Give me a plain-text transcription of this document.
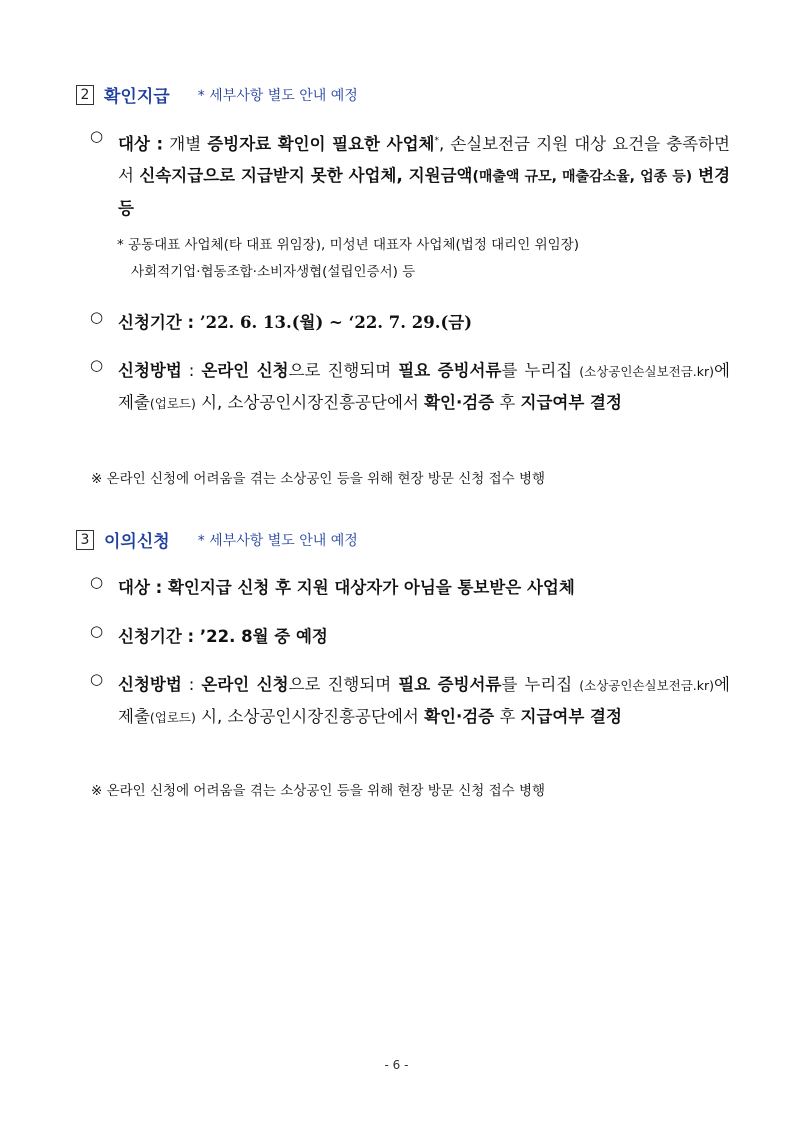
2 확인지급 * 세부사항 별도 안내 예정
○ 대상 : 개별 증빙자료 확인이 필요한 사업체*, 손실보전금 지원 대상 요건을 충족하면서 신속지급으로 지급받지 못한 사업체, 지원금액(매출액 규모, 매출감소율, 업종 등) 변경 등
* 공동대표 사업체(타 대표 위임장), 미성년 대표자 사업체(법정 대리인 위임장)
사회적기업·협동조합·소비자생협(설립인증서) 등
○ 신청기간 : ’22. 6. 13.(월) ~ ‘22. 7. 29.(금)
○ 신청방법 : 온라인 신청으로 진행되며 필요 증빙서류를 누리집 (소상공인손실보전금.kr)에 제출(업로드) 시, 소상공인시장진흥공단에서 확인·검증 후 지급여부 결정
※ 온라인 신청에 어려움을 겪는 소상공인 등을 위해 현장 방문 신청 접수 병행
3 이의신청 * 세부사항 별도 안내 예정
○ 대상 : 확인지급 신청 후 지원 대상자가 아님을 통보받은 사업체
○ 신청기간 : ’22. 8월 중 예정
○ 신청방법 : 온라인 신청으로 진행되며 필요 증빙서류를 누리집 (소상공인손실보전금.kr)에 제출(업로드) 시, 소상공인시장진흥공단에서 확인·검증 후 지급여부 결정
※ 온라인 신청에 어려움을 겪는 소상공인 등을 위해 현장 방문 신청 접수 병행
- 6 -
